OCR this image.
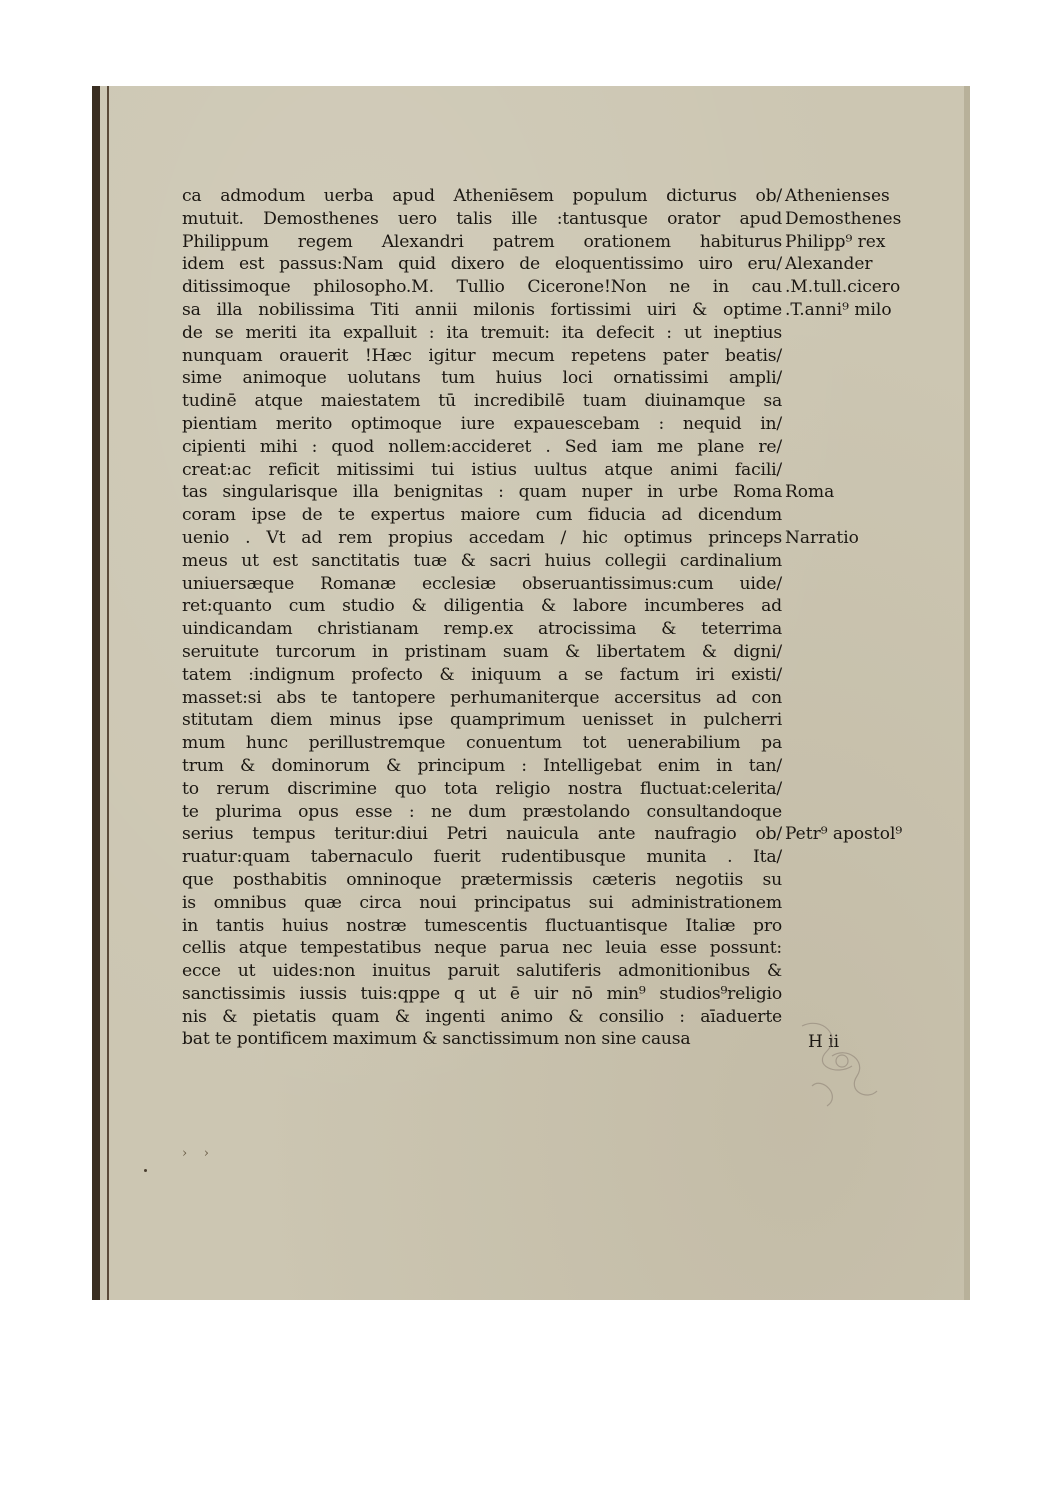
ca admodum uerba apud Atheniēsem populum dicturus ob/
mutuit. Demosthenes uero talis ille :tantusque orator apud
Philippum regem Alexandri patrem orationem habiturus
idem est passus:Nam quid dixero de eloquentissimo uiro eru/
ditissimoque philosopho.M. Tullio Cicerone!Non ne in cau
sa illa nobilissima Titi annii milonis fortissimi uiri & optime
de se meriti ita expalluit : ita tremuit: ita defecit : ut ineptius
nunquam orauerit !Hæc igitur mecum repetens pater beatis/
sime animoque uolutans tum huius loci ornatissimi ampli/
tudinē atque maiestatem tū incredibilē tuam diuinamque sa
pientiam merito optimoque iure expauescebam : nequid in/
cipienti mihi : quod nollem:accideret . Sed iam me plane re/
creat:ac reficit mitissimi tui istius uultus atque animi facili/
tas singularisque illa benignitas : quam nuper in urbe Roma
coram ipse de te expertus maiore cum fiducia ad dicendum
uenio . Vt ad rem propius accedam / hic optimus princeps
meus ut est sanctitatis tuæ & sacri huius collegii cardinalium
uniuersæque Romanæ ecclesiæ obseruantissimus:cum uide/
ret:quanto cum studio & diligentia & labore incumberes ad
uindicandam christianam remp.ex atrocissima & teterrima
seruitute turcorum in pristinam suam & libertatem & digni/
tatem :indignum profecto & iniquum a se factum iri existi/
masset:si abs te tantopere perhumaniterque accersitus ad con
stitutam diem minus ipse quamprimum uenisset in pulcherri
mum hunc perillustremque conuentum tot uenerabilium pa
trum & dominorum & principum : Intelligebat enim in tan/
to rerum discrimine quo tota religio nostra fluctuat:celerita/
te plurima opus esse : ne dum præstolando consultandoque
serius tempus teritur:diui Petri nauicula ante naufragio ob/
ruatur:quam tabernaculo fuerit rudentibusque munita . Ita/
que posthabitis omninoque prætermissis cæteris negotiis su
is omnibus quæ circa noui principatus sui administrationem
in tantis huius nostræ tumescentis fluctuantisque Italiæ pro
cellis atque tempestatibus neque parua nec leuia esse possunt:
ecce ut uides:non inuitus paruit salutiferis admonitionibus &
sanctissimis iussis tuis:qppe q ut ē uir nō min⁹ studios⁹religio
nis & pietatis quam & ingenti animo & consilio : aīaduerte
bat te pontificem maximum & sanctissimum non sine causa
Athenienses
Demosthenes
Philipp⁹ rex
Alexander
.M.tull.cicero
.T.anni⁹ milo
Roma
Narratio
Petr⁹ apostol⁹
H ii
›    ›
